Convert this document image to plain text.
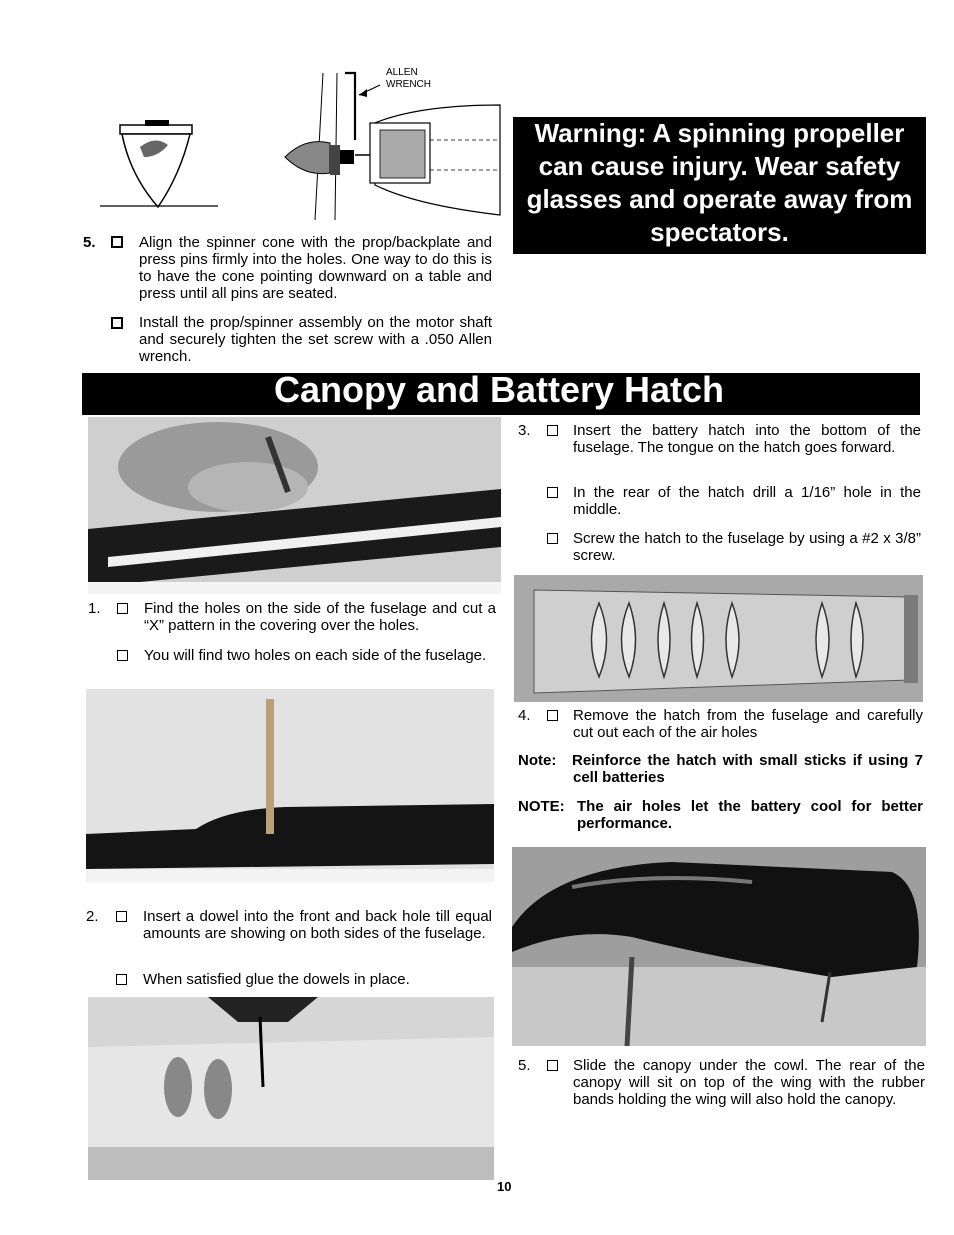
ALLEN
WRENCH
Warning: A spinning propeller can cause injury. Wear safety glasses and operate away from spectators.
5.	Align the spinner cone with the prop/backplate and press pins firmly into the holes. One way to do this is to have the cone pointing downward on a table and press until all pins are seated.
Install the prop/spinner assembly on the motor shaft and securely tighten the set screw with a .050 Allen wrench.
Canopy and Battery Hatch
1.	Find the holes on the side of the fuselage and cut a “X” pattern in the covering over the holes.
You will find two holes on each side of the fuselage.
2.	Insert a dowel into the front and back hole till equal amounts are showing on both sides of the fuselage.
When satisfied glue the dowels in place.
3.	Insert the battery hatch into the bottom of the fuselage. The tongue on the hatch goes forward.
In the rear of the hatch drill a 1/16” hole in the middle.
Screw the hatch to the fuselage by using a #2 x 3/8” screw.
4.	Remove the hatch from the fuselage and carefully cut out each of the air holes
Note: Reinforce the hatch with small sticks if using 7 cell batteries
NOTE: The air holes let the battery cool for better performance.
5.	Slide the canopy under the cowl. The rear of the canopy will sit on top of the wing with the rubber bands holding the wing will also hold the canopy.
10
